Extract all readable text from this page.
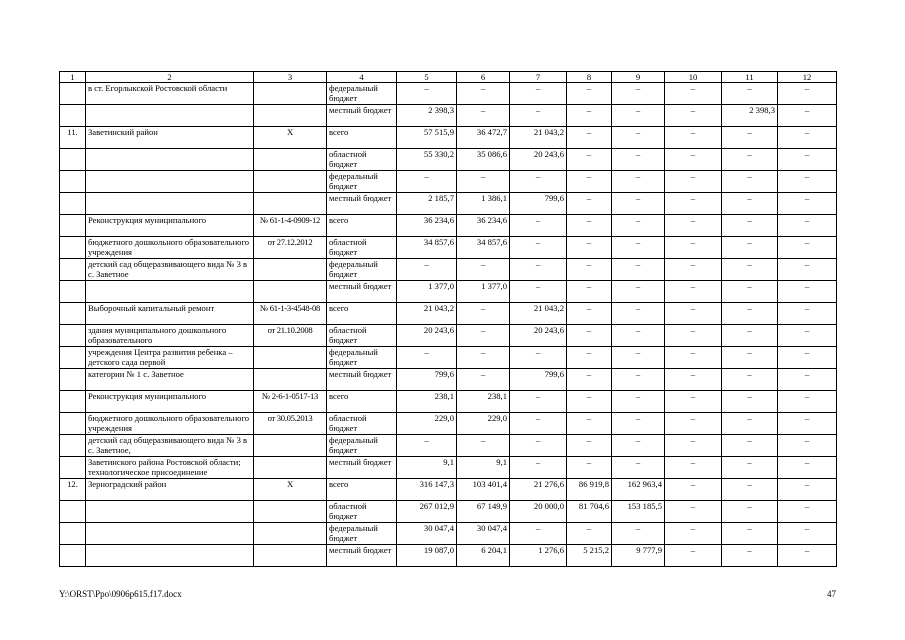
1	2	3	4	5	6	7	8	9	10	11	12
	в ст. Егорлыкской Ростовской области		федеральный бюджет	–	–	–	–	–	–	–	–
			местный бюджет	2 398,3	–	–	–	–	–	2 398,3	–
11.	Заветинский район	Х	всего	57 515,9	36 472,7	21 043,2	–	–	–	–	–
			областной бюджет	55 330,2	35 086,6	20 243,6	–	–	–	–	–
			федеральный бюджет	–	–	–	–	–	–	–	–
			местный бюджет	2 185,7	1 386,1	799,6	–	–	–	–	–
	Реконструкция муниципального	№ 61-1-4-0909-12	всего	36 234,6	36 234,6	–	–	–	–	–	–
	бюджетного дошкольного образовательного учреждения	от 27.12.2012	областной бюджет	34 857,6	34 857,6	–	–	–	–	–	–
	детский сад общеразвивающего вида № 3 в с. Заветное		федеральный бюджет	–	–	–	–	–	–	–	–
			местный бюджет	1 377,0	1 377,0	–	–	–	–	–	–
	Выборочный капитальный ремонт	№ 61-1-3-4548-08	всего	21 043,2	–	21 043,2	–	–	–	–	–
	здания муниципального дошкольного образовательного	от 21.10.2008	областной бюджет	20 243,6	–	20 243,6	–	–	–	–	–
	учреждения Центра развития ребенка – детского сада первой		федеральный бюджет	–	–	–	–	–	–	–	–
	категории № 1 с. Заветное		местный бюджет	799,6	–	799,6	–	–	–	–	–
	Реконструкция муниципального	№ 2-6-1-0517-13	всего	238,1	238,1	–	–	–	–	–	–
	бюджетного дошкольного образовательного учреждения	от 30.05.2013	областной бюджет	229,0	229,0	–	–	–	–	–	–
	детский сад общеразвивающего вида № 3 в с. Заветное,		федеральный бюджет	–	–	–	–	–	–	–	–
	Заветинского района Ростовской области; технологическое присоединение		местный бюджет	9,1	9,1	–	–	–	–	–	–
12.	Зерноградский район	Х	всего	316 147,3	103 401,4	21 276,6	86 919,8	162 963,4	–	–	–
			областной бюджет	267 012,9	67 149,9	20 000,0	81 704,6	153 185,5	–	–	–
			федеральный бюджет	30 047,4	30 047,4	–	–	–	–	–	–
			местный бюджет	19 087,0	6 204,1	1 276,6	5 215,2	9 777,9	–	–	–
Y:\ORST\Ppo\0906p615.f17.docx	47
